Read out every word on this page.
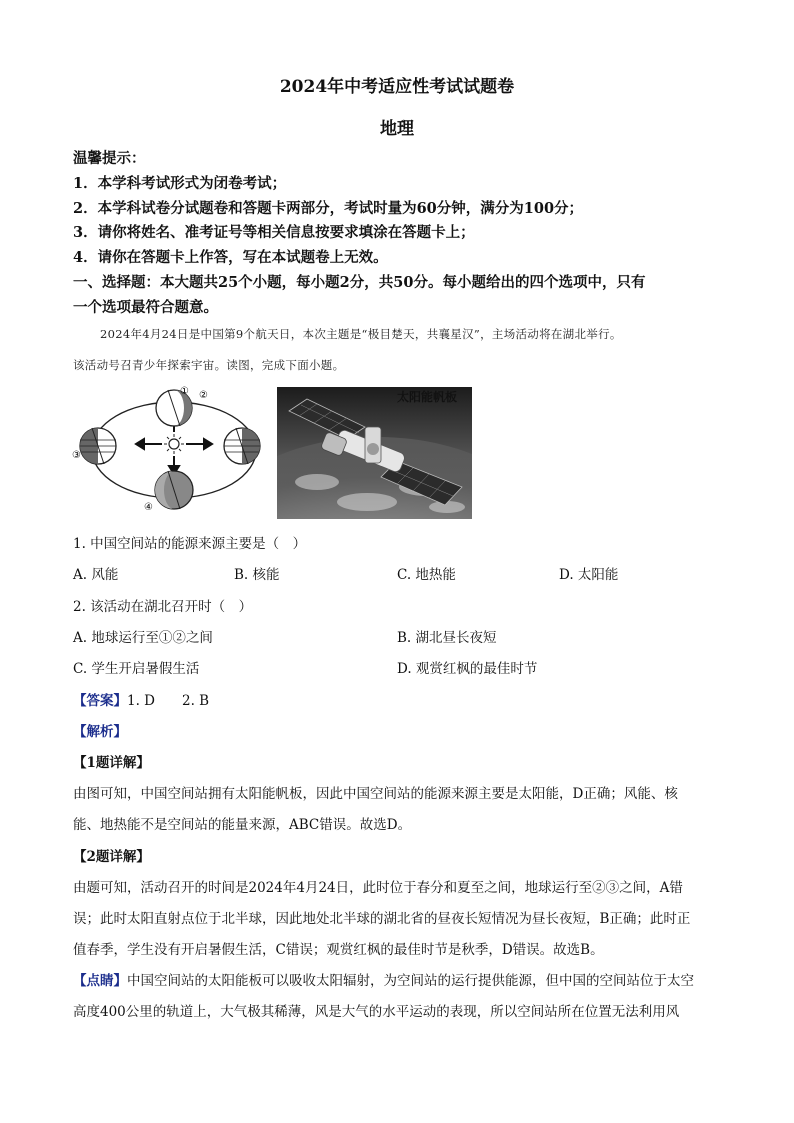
2024年中考适应性考试试题卷
地理
温馨提示：
1．本学科考试形式为闭卷考试；
2．本学科试卷分试题卷和答题卡两部分，考试时量为60分钟，满分为100分；
3．请你将姓名、准考证号等相关信息按要求填涂在答题卡上；
4．请你在答题卡上作答，写在本试题卷上无效。
一、选择题：本大题共25个小题，每小题2分，共50分。每小题给出的四个选项中，只有
一个选项最符合题意。
2024年4月24日是中国第9个航天日，本次主题是“极目楚天，共襄星汉”，主场活动将在湖北举行。
该活动号召青少年探索宇宙。读图，完成下面小题。
②
①
③
④
太阳能帆板
1. 中国空间站的能源来源主要是（　）
A. 风能	B. 核能	C. 地热能	D. 太阳能
2. 该活动在湖北召开时（　）
A. 地球运行至①②之间	B. 湖北昼长夜短
C. 学生开启暑假生活	D. 观赏红枫的最佳时节
【答案】1. D　　2. B
【解析】
【1题详解】
由图可知，中国空间站拥有太阳能帆板，因此中国空间站的能源来源主要是太阳能，D正确；风能、核
能、地热能不是空间站的能量来源，ABC错误。故选D。
【2题详解】
由题可知，活动召开的时间是2024年4月24日，此时位于春分和夏至之间，地球运行至②③之间，A错
误；此时太阳直射点位于北半球，因此地处北半球的湖北省的昼夜长短情况为昼长夜短，B正确；此时正
值春季，学生没有开启暑假生活，C错误；观赏红枫的最佳时节是秋季，D错误。故选B。
【点睛】中国空间站的太阳能板可以吸收太阳辐射，为空间站的运行提供能源，但中国的空间站位于太空
高度400公里的轨道上，大气极其稀薄，风是大气的水平运动的表现，所以空间站所在位置无法利用风
